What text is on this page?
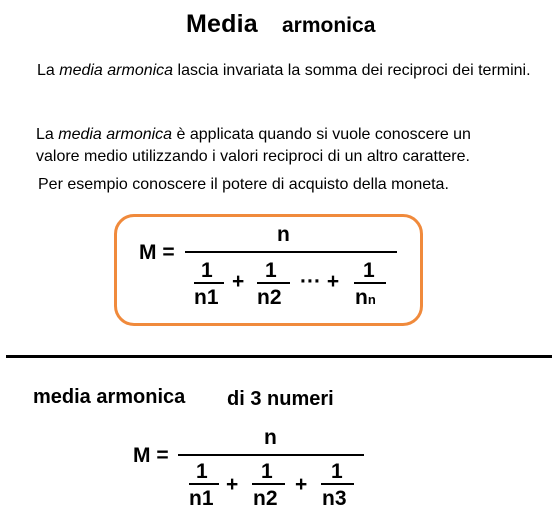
Media armonica
La media armonica lascia invariata la somma dei reciproci dei termini.
La media armonica è applicata quando si vuole conoscere un
valore medio utilizzando i valori reciproci di un altro carattere.
Per esempio conoscere il potere di acquisto della moneta.
M =
n
1
n1
+ 1
n2
··· + 1
nn
media armonica di 3 numeri
M =
n
1
n1
+
1
n2
+
1
n3
